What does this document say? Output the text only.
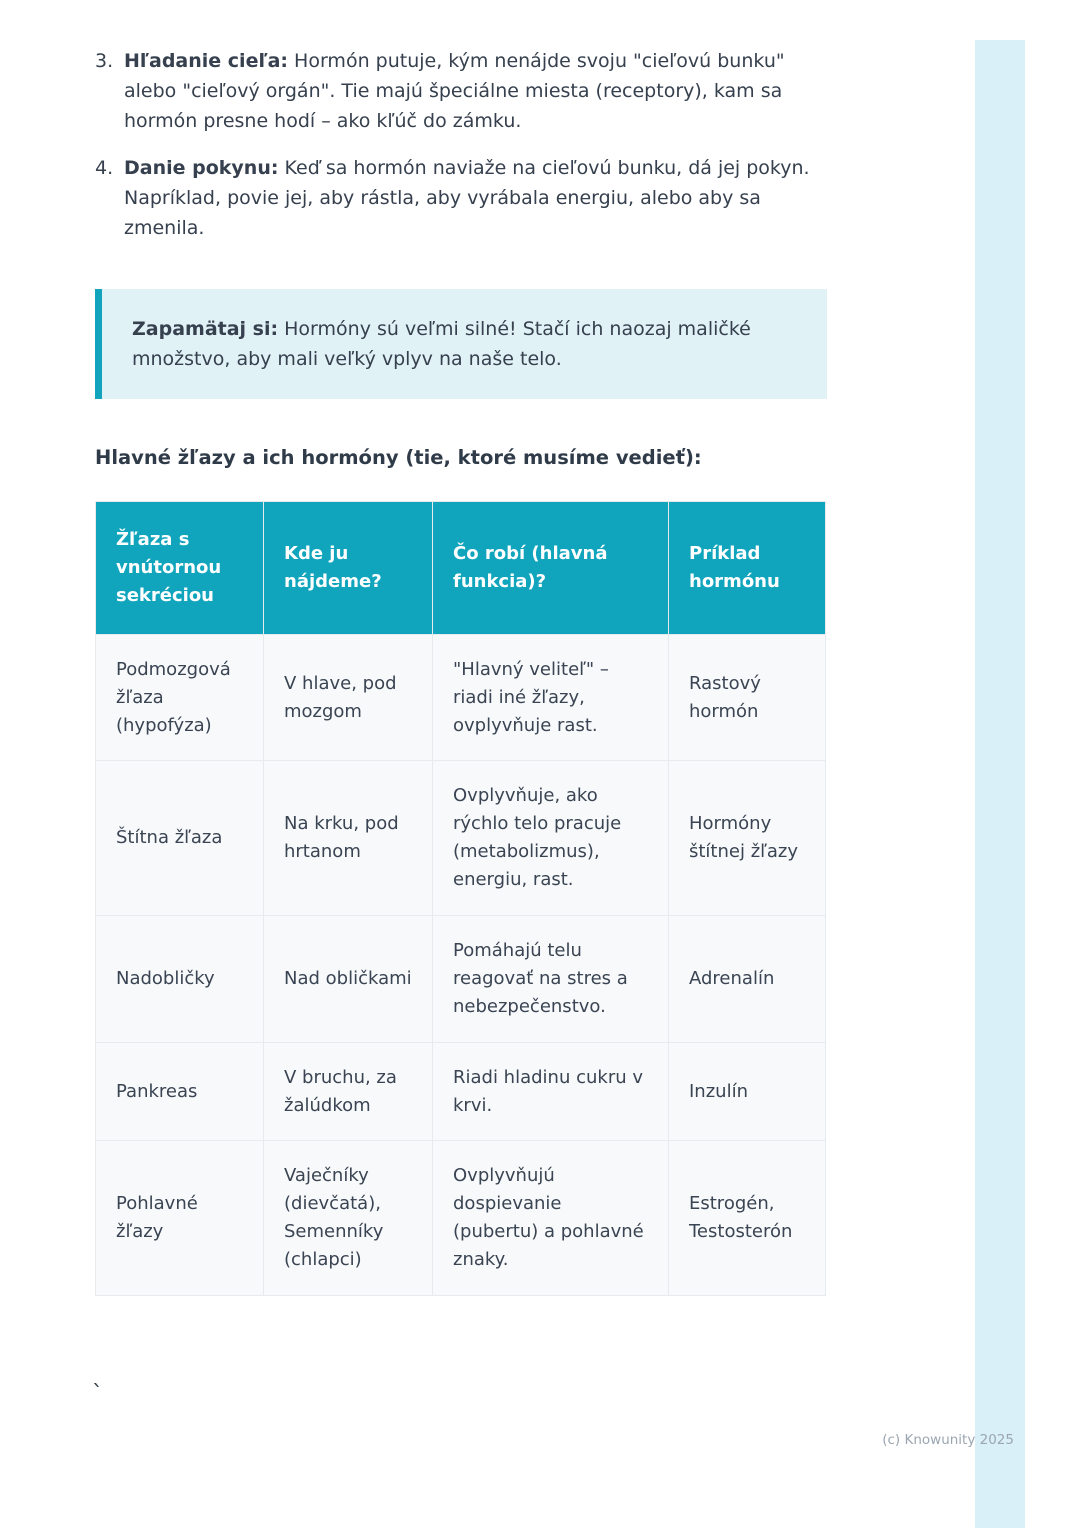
3. Hľadanie cieľa: Hormón putuje, kým nenájde svoju "cieľovú bunku" alebo "cieľový orgán". Tie majú špeciálne miesta (receptory), kam sa hormón presne hodí – ako kľúč do zámku.
4. Danie pokynu: Keď sa hormón naviaže na cieľovú bunku, dá jej pokyn. Napríklad, povie jej, aby rástla, aby vyrábala energiu, alebo aby sa zmenila.
Zapamätaj si: Hormóny sú veľmi silné! Stačí ich naozaj maličké množstvo, aby mali veľký vplyv na naše telo.
Hlavné žľazy a ich hormóny (tie, ktoré musíme vedieť):
Žľaza s vnútornou sekréciou	Kde ju nájdeme?	Čo robí (hlavná funkcia)?	Príklad hormónu
Podmozgová žľaza (hypofýza)	V hlave, pod mozgom	"Hlavný veliteľ" – riadi iné žľazy, ovplyvňuje rast.	Rastový hormón
Štítna žľaza	Na krku, pod hrtanom	Ovplyvňuje, ako rýchlo telo pracuje (metabolizmus), energiu, rast.	Hormóny štítnej žľazy
Nadobličky	Nad obličkami	Pomáhajú telu reagovať na stres a nebezpečenstvo.	Adrenalín
Pankreas	V bruchu, za žalúdkom	Riadi hladinu cukru v krvi.	Inzulín
Pohlavné žľazy	Vaječníky (dievčatá), Semenníky (chlapci)	Ovplyvňujú dospievanie (pubertu) a pohlavné znaky.	Estrogén, Testosterón
`
(c) Knowunity 2025
